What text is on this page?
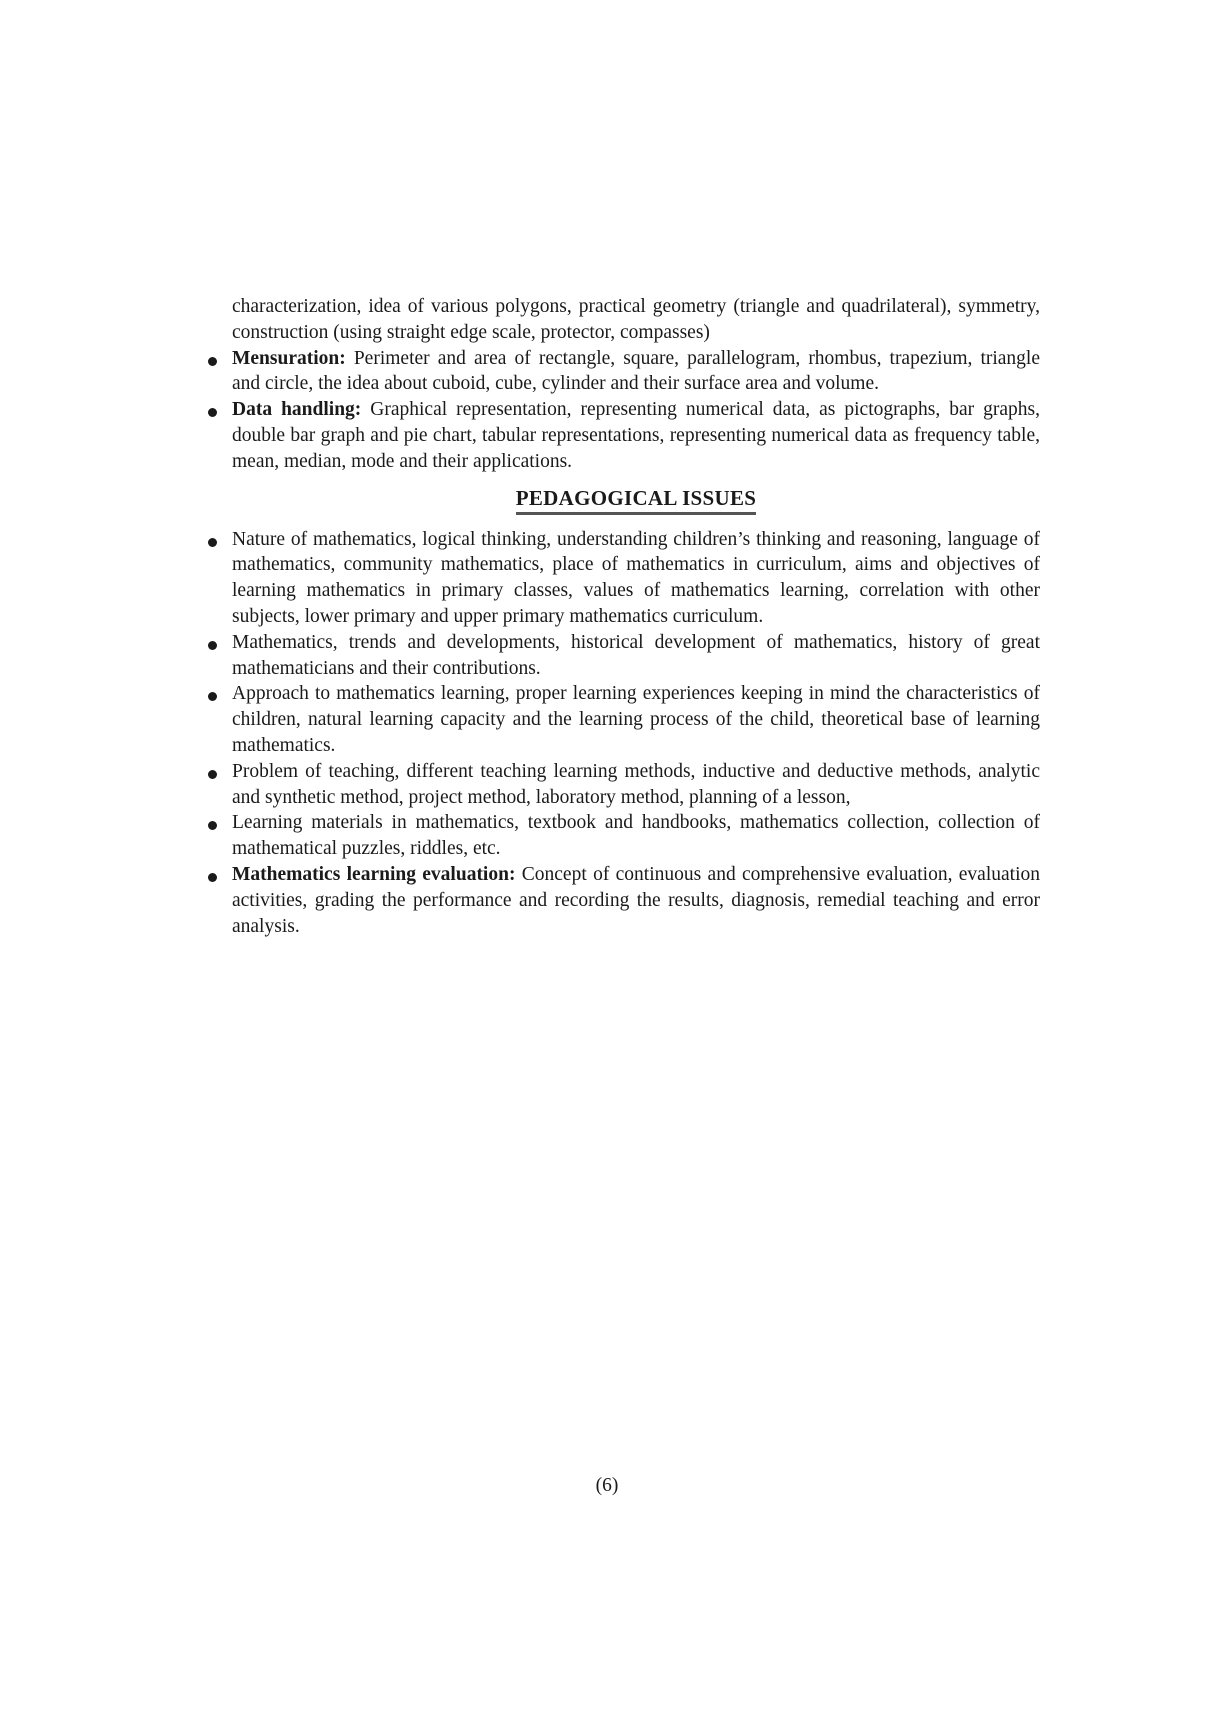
characterization, idea of various polygons, practical geometry (triangle and quadrilateral), symmetry, construction (using straight edge scale, protector, compasses)

Mensuration: Perimeter and area of rectangle, square, parallelogram, rhombus, trapezium, triangle and circle, the idea about cuboid, cube, cylinder and their surface area and volume.
Data handling: Graphical representation, representing numerical data, as pictographs, bar graphs, double bar graph and pie chart, tabular representations, representing numerical data as frequency table, mean, median, mode and their applications.
PEDAGOGICAL ISSUES
Nature of mathematics, logical thinking, understanding children’s thinking and reasoning, language of mathematics, community mathematics, place of mathematics in curriculum, aims and objectives of learning mathematics in primary classes, values of mathematics learning, correlation with other subjects, lower primary and upper primary mathematics curriculum.
Mathematics, trends and developments, historical development of mathematics, history of great mathematicians and their contributions.
Approach to mathematics learning, proper learning experiences keeping in mind the characteristics of children, natural learning capacity and the learning process of the child, theoretical base of learning mathematics.
Problem of teaching, different teaching learning methods, inductive and deductive methods, analytic and synthetic method, project method, laboratory method, planning of a lesson,
Learning materials in mathematics, textbook and handbooks, mathematics collection, collection of mathematical puzzles, riddles, etc.
Mathematics learning evaluation: Concept of continuous and comprehensive evaluation, evaluation activities, grading the performance and recording the results, diagnosis, remedial teaching and error analysis.
(6)
